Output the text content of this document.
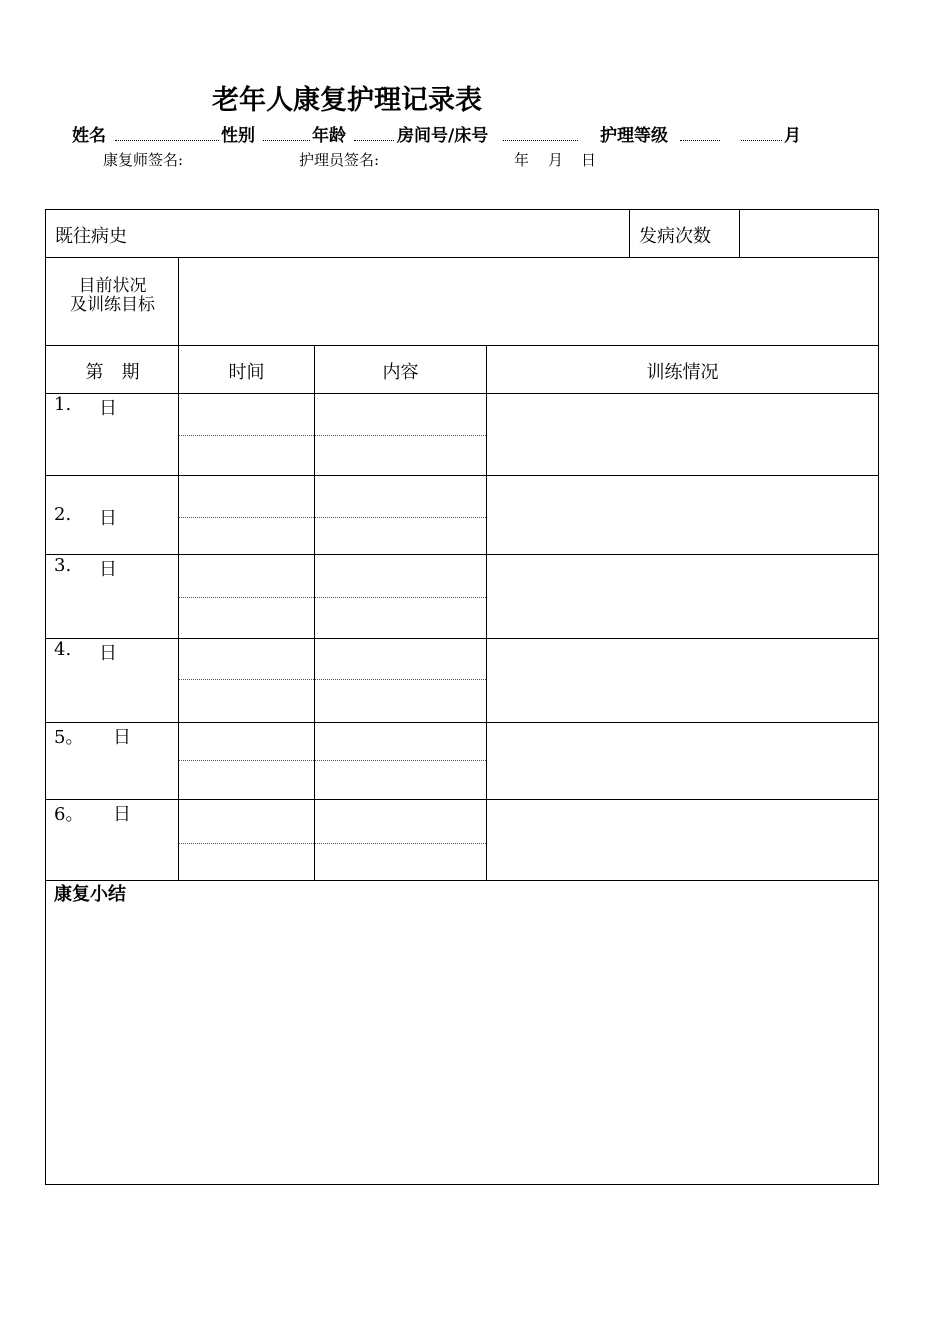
老年人康复护理记录表
姓名	性别	年龄	房间号/床号	护理等级	月
康复师签名:	护理员签名:	年 月 日
既往病史	发病次数
目前状况
及训练目标
第　期	时间	内容	训练情况
1. 日
2. 日
3. 日
4. 日
5。 日
6。 日
康复小结
